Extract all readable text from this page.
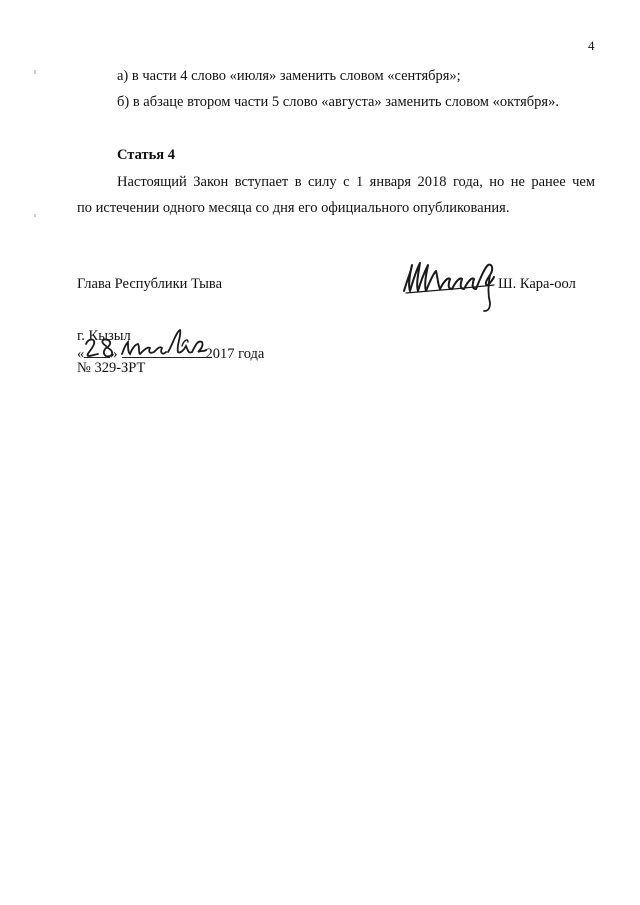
4
а) в части 4 слово «июля» заменить словом «сентября»;
б) в абзаце втором части 5 слово «августа» заменить словом «октября».
Статья 4
Настоящий Закон вступает в силу с 1 января 2018 года, но не ранее чем
по истечении одного месяца со дня его официального опубликования.
Глава Республики Тыва	Ш. Кара-оол
г. Кызыл
« »	2017 года
№ 329-ЗРТ
